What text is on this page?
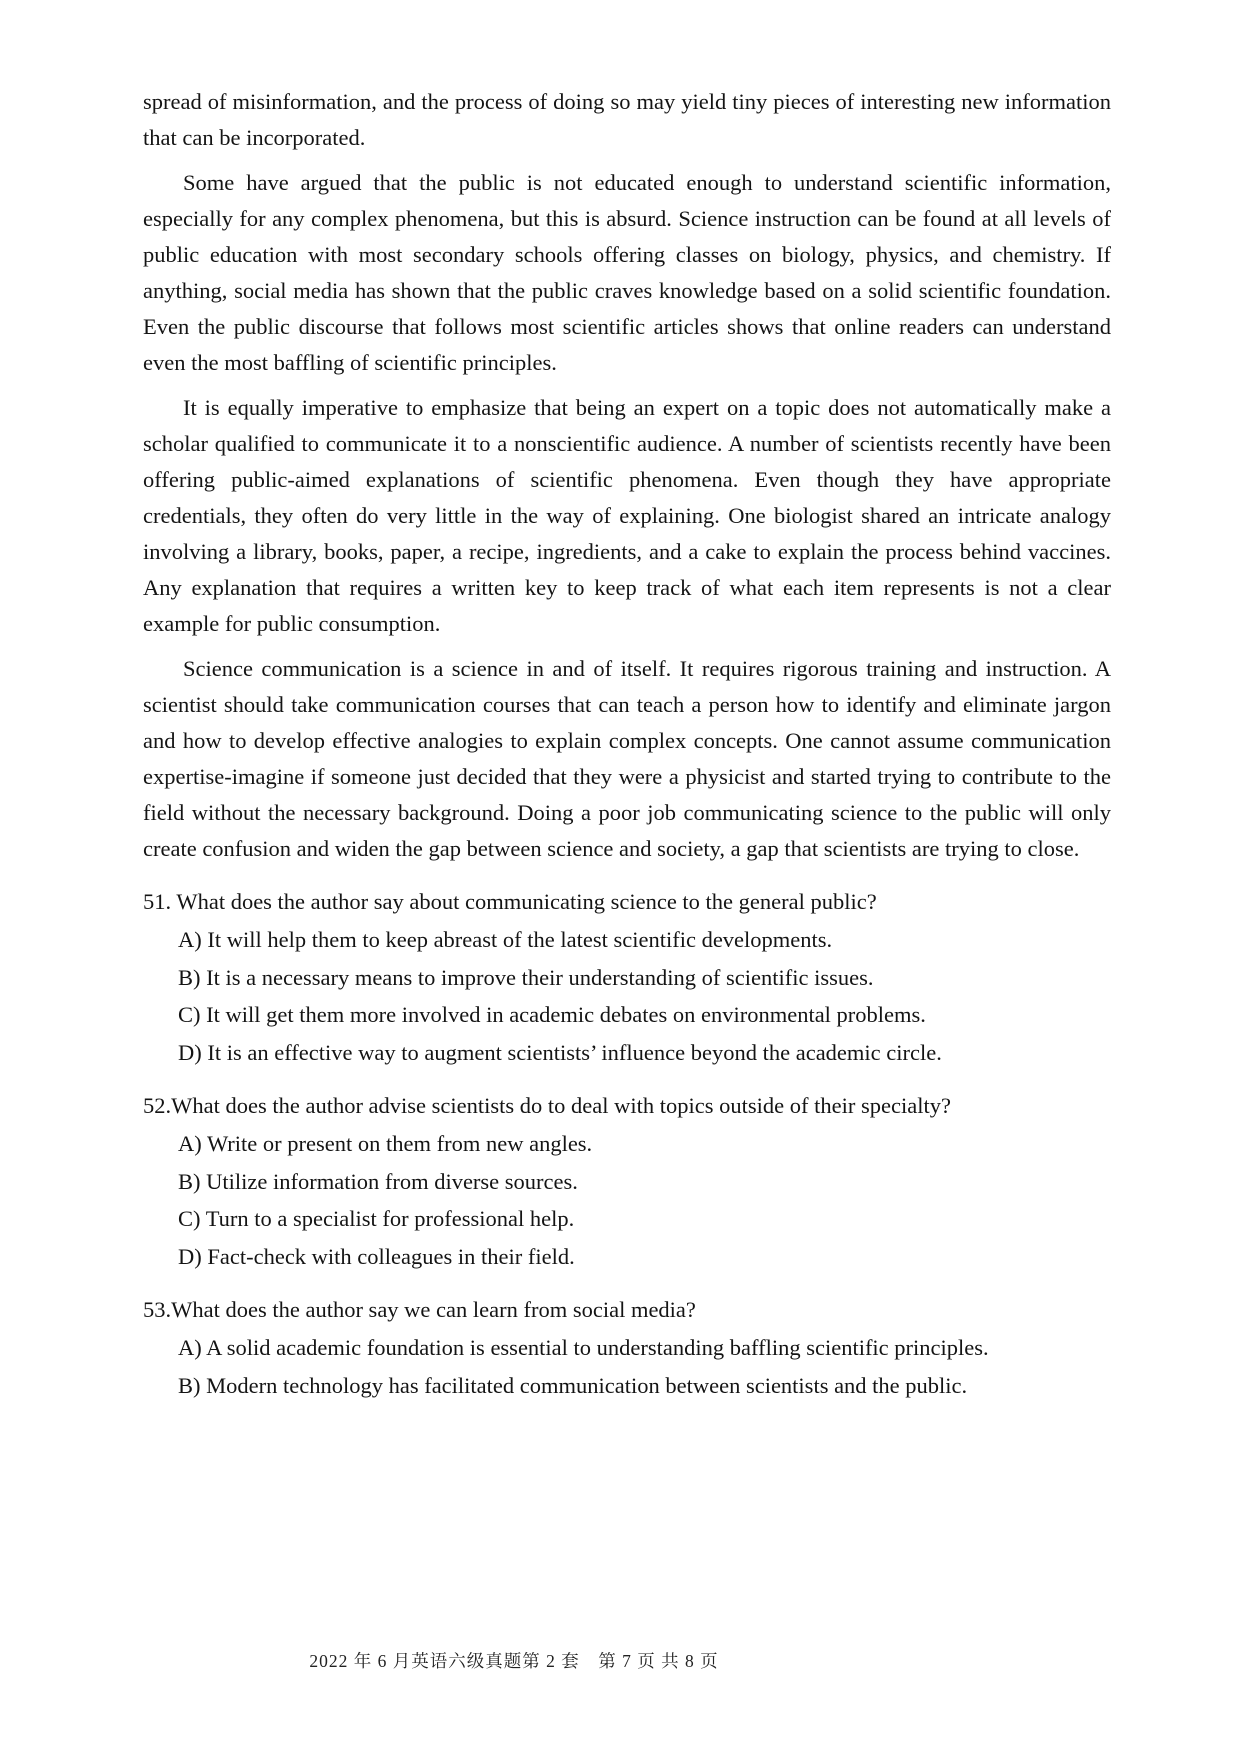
spread of misinformation, and the process of doing so may yield tiny pieces of interesting new information that can be incorporated.

Some have argued that the public is not educated enough to understand scientific information, especially for any complex phenomena, but this is absurd. Science instruction can be found at all levels of public education with most secondary schools offering classes on biology, physics, and chemistry. If anything, social media has shown that the public craves knowledge based on a solid scientific foundation. Even the public discourse that follows most scientific articles shows that online readers can understand even the most baffling of scientific principles.

It is equally imperative to emphasize that being an expert on a topic does not automatically make a scholar qualified to communicate it to a nonscientific audience. A number of scientists recently have been offering public-aimed explanations of scientific phenomena. Even though they have appropriate credentials, they often do very little in the way of explaining. One biologist shared an intricate analogy involving a library, books, paper, a recipe, ingredients, and a cake to explain the process behind vaccines. Any explanation that requires a written key to keep track of what each item represents is not a clear example for public consumption.

Science communication is a science in and of itself. It requires rigorous training and instruction. A scientist should take communication courses that can teach a person how to identify and eliminate jargon and how to develop effective analogies to explain complex concepts. One cannot assume communication expertise-imagine if someone just decided that they were a physicist and started trying to contribute to the field without the necessary background. Doing a poor job communicating science to the public will only create confusion and widen the gap between science and society, a gap that scientists are trying to close.

51. What does the author say about communicating science to the general public?

A) It will help them to keep abreast of the latest scientific developments.
B) It is a necessary means to improve their understanding of scientific issues.
C) It will get them more involved in academic debates on environmental problems.
D) It is an effective way to augment scientists’ influence beyond the academic circle.

52.What does the author advise scientists do to deal with topics outside of their specialty?

A) Write or present on them from new angles.
B) Utilize information from diverse sources.
C) Turn to a specialist for professional help.
D) Fact-check with colleagues in their field.

53.What does the author say we can learn from social media?

A) A solid academic foundation is essential to understanding baffling scientific principles.
B) Modern technology has facilitated communication between scientists and the public.
2022 年 6 月英语六级真题第 2 套　第 7 页 共 8 页
